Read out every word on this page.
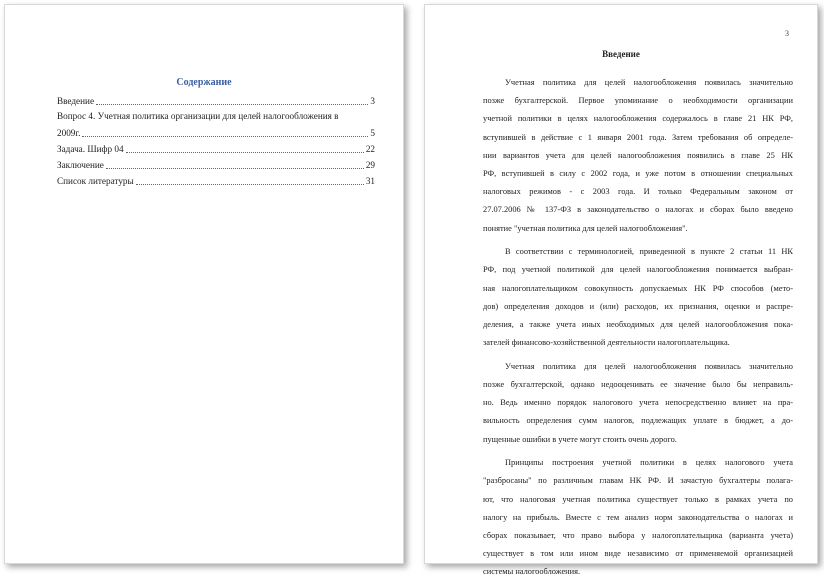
Содержание
Введение	3
Вопрос 4. Учетная политика организации для целей налогообложения в
2009г.	5
Задача. Шифр 04	22
Заключение	29
Список литературы	31
3
Введение
Учетная политика для целей налогообложения появилась значительно
позже бухгалтерской. Первое упоминание о необходимости организации
учетной политики в целях налогообложения содержалось в главе 21 НК РФ,
вступившей в действие с 1 января 2001 года. Затем требования об определе-
нии вариантов учета для целей налогообложения появились в главе 25 НК
РФ, вступившей в силу с 2002 года, и уже потом в отношении специальных
налоговых режимов - с 2003 года. И только Федеральным законом от
27.07.2006 № 137-ФЗ в законодательство о налогах и сборах было введено
понятие "учетная политика для целей налогообложения".
В соответствии с терминологией, приведенной в пункте 2 статьи 11 НК
РФ, под учетной политикой для целей налогообложения понимается выбран-
ная налогоплательщиком совокупность допускаемых НК РФ способов (мето-
дов) определения доходов и (или) расходов, их признания, оценки и распре-
деления, а также учета иных необходимых для целей налогообложения пока-
зателей финансово-хозяйственной деятельности налогоплательщика.
Учетная политика для целей налогообложения появилась значительно
позже бухгалтерской, однако недооценивать ее значение было бы неправиль-
но. Ведь именно порядок налогового учета непосредственно влияет на пра-
вильность определения сумм налогов, подлежащих уплате в бюджет, а до-
пущенные ошибки в учете могут стоить очень дорого.
Принципы построения учетной политики в целях налогового учета
"разбросаны" по различным главам НК РФ. И зачастую бухгалтеры полага-
ют, что налоговая учетная политика существует только в рамках учета по
налогу на прибыль. Вместе с тем анализ норм законодательства о налогах и
сборах показывает, что право выбора у налогоплательщика (варианта учета)
существует в том или ином виде независимо от применяемой организацией
системы налогообложения.
